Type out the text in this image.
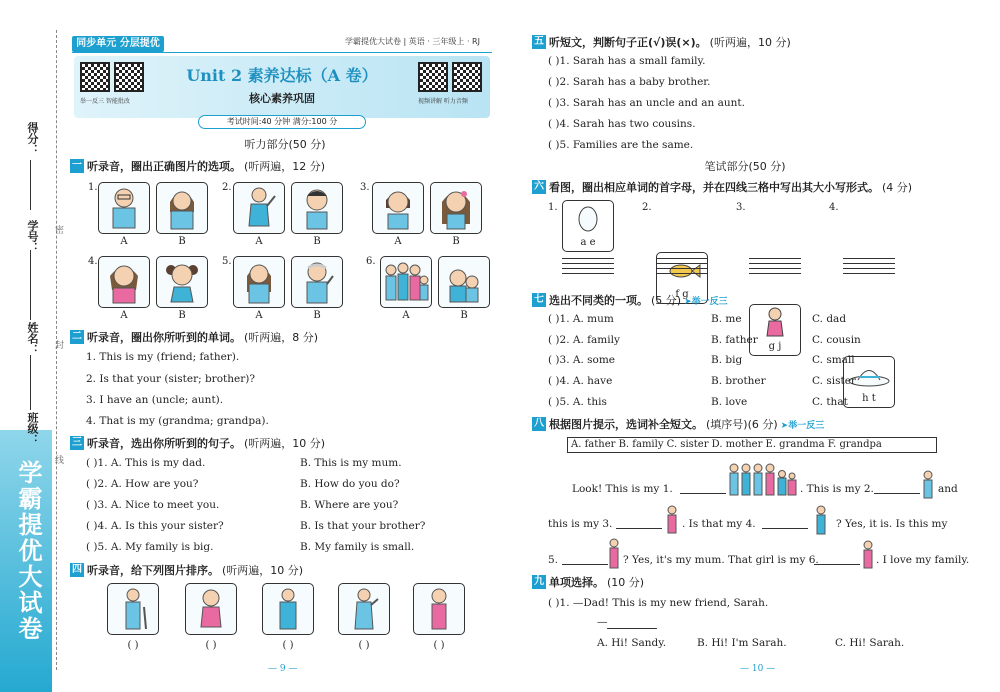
学霸提优大试卷
得分：
学号：
姓名：
班级：
密
封
线
同步单元 分层提优	学霸提优大试卷 | 英语 · 三年级上 · RJ
举一反三 智能批改	视频讲解 听力音频
Unit 2 素养达标（A 卷）
核心素养巩固
考试时间:40 分钟 满分:100 分
听力部分(50 分)
一 听录音，圈出正确图片的选项。 (听两遍，12 分)
1.
A	B
2.
A	B
3.
A	B
4.
A	B
5.
A	B
6.
A	B
二 听录音，圈出你所听到的单词。 (听两遍，8 分)
1. This is my (friend; father).
2. Is that your (sister; brother)?
3. I have an (uncle; aunt).
4. That is my (grandma; grandpa).
三 听录音，选出你所听到的句子。 (听两遍，10 分)
( )1. A. This is my dad.	B. This is my mum.
( )2. A. How are you?	B. How do you do?
( )3. A. Nice to meet you.	B. Where are you?
( )4. A. Is this your sister?	B. Is that your brother?
( )5. A. My family is big.	B. My family is small.
四 听录音，给下列图片排序。 (听两遍，10 分)
( )	( )	( )	( )	( )
— 9 —
五 听短文，判断句子正(√)误(×)。 (听两遍，10 分)
( )1. Sarah has a small family.
( )2. Sarah has a baby brother.
( )3. Sarah has an uncle and an aunt.
( )4. Sarah has two cousins.
( )5. Families are the same.
笔试部分(50 分)
六 看图，圈出相应单词的首字母，并在四线三格中写出其大小写形式。 (4 分)
1.
a e
2.
f g
3.
g j
4.
h t
七 选出不同类的一项。 (5 分) ➤举一反三
( )1. A. mum	B. me	C. dad
( )2. A. family	B. father	C. cousin
( )3. A. some	B. big	C. small
( )4. A. have	B. brother	C. sister
( )5. A. this	B. love	C. that
八 根据图片提示，选词补全短文。 (填序号)(6 分) ➤举一反三
A. father B. family C. sister D. mother E. grandma F. grandpa
Look! This is my 1.	. This is my 2.	and
this is my 3.	. Is that my 4.	? Yes, it is. Is this my
5.	? Yes, it's my mum. That girl is my 6.	. I love my family.
九 单项选择。 (10 分)
( )1. —Dad! This is my new friend, Sarah.
—
A. Hi! Sandy.	B. Hi! I'm Sarah.	C. Hi! Sarah.
— 10 —
